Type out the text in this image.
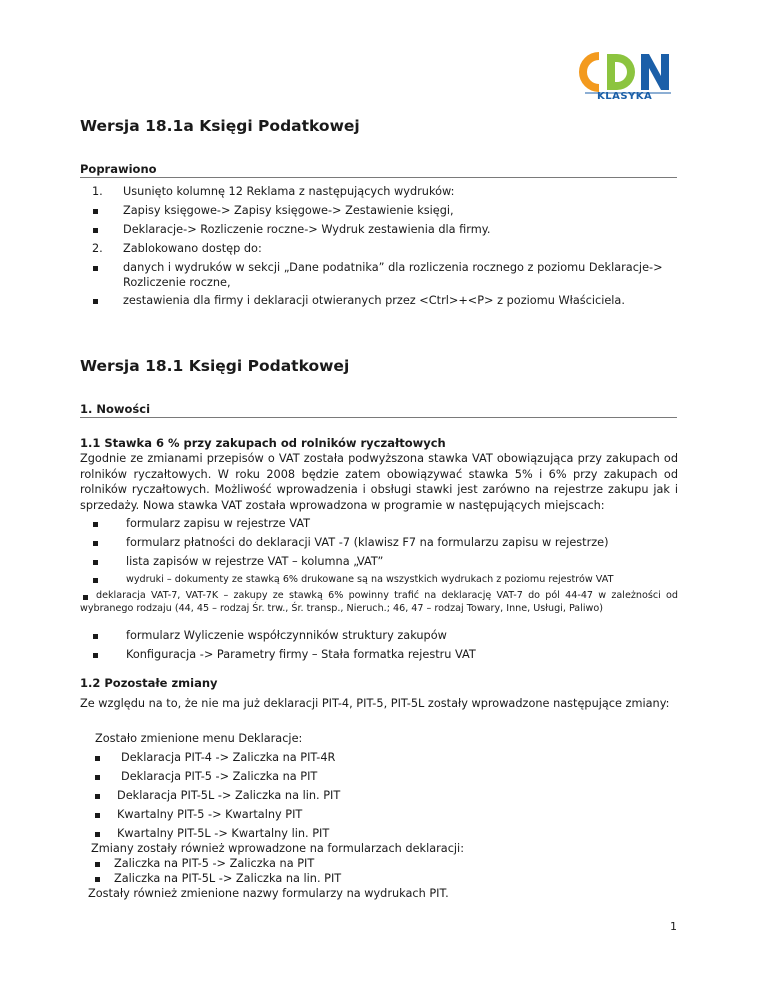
KLASYKA
Wersja 18.1a Księgi Podatkowej
Poprawiono
1. Usunięto kolumnę 12 Reklama z następujących wydruków:
Zapisy księgowe-> Zapisy księgowe-> Zestawienie księgi,
Deklaracje-> Rozliczenie roczne-> Wydruk zestawienia dla firmy.
2. Zablokowano dostęp do:
danych i wydruków w sekcji „Dane podatnika” dla rozliczenia rocznego z poziomu Deklaracje->
Rozliczenie roczne,
zestawienia dla firmy i deklaracji otwieranych przez <Ctrl>+<P> z poziomu Właściciela.
Wersja 18.1 Księgi Podatkowej
1. Nowości
1.1 Stawka 6 % przy zakupach od rolników ryczałtowych
Zgodnie ze zmianami przepisów o VAT została podwyższona stawka VAT obowiązująca przy zakupach od rolników ryczałtowych. W roku 2008 będzie zatem obowiązywać stawka 5% i 6% przy zakupach od rolników ryczałtowych. Możliwość wprowadzenia i obsługi stawki jest zarówno na rejestrze zakupu jak i sprzedaży. Nowa stawka VAT została wprowadzona w programie w następujących miejscach:
formularz zapisu w rejestrze VAT
formularz płatności do deklaracji VAT -7 (klawisz F7 na formularzu zapisu w rejestrze)
lista zapisów w rejestrze VAT – kolumna „VAT”
wydruki – dokumenty ze stawką 6% drukowane są na wszystkich wydrukach z poziomu rejestrów VAT
deklaracja VAT-7, VAT-7K – zakupy ze stawką 6% powinny trafić na deklarację VAT-7 do pól 44-47 w zależności od wybranego rodzaju (44, 45 – rodzaj Śr. trw., Śr. transp., Nieruch.; 46, 47 – rodzaj Towary, Inne, Usługi, Paliwo)
formularz Wyliczenie współczynników struktury zakupów
Konfiguracja -> Parametry firmy – Stała formatka rejestru VAT
1.2 Pozostałe zmiany
Ze względu na to, że nie ma już deklaracji PIT-4, PIT-5, PIT-5L zostały wprowadzone następujące zmiany:
Zostało zmienione menu Deklaracje:
Deklaracja PIT-4 -> Zaliczka na PIT-4R
Deklaracja PIT-5 -> Zaliczka na PIT
Deklaracja PIT-5L -> Zaliczka na lin. PIT
Kwartalny PIT-5 -> Kwartalny PIT
Kwartalny PIT-5L -> Kwartalny lin. PIT
Zmiany zostały również wprowadzone na formularzach deklaracji:
Zaliczka na PIT-5 -> Zaliczka na PIT
Zaliczka na PIT-5L -> Zaliczka na lin. PIT
Zostały również zmienione nazwy formularzy na wydrukach PIT.
1
